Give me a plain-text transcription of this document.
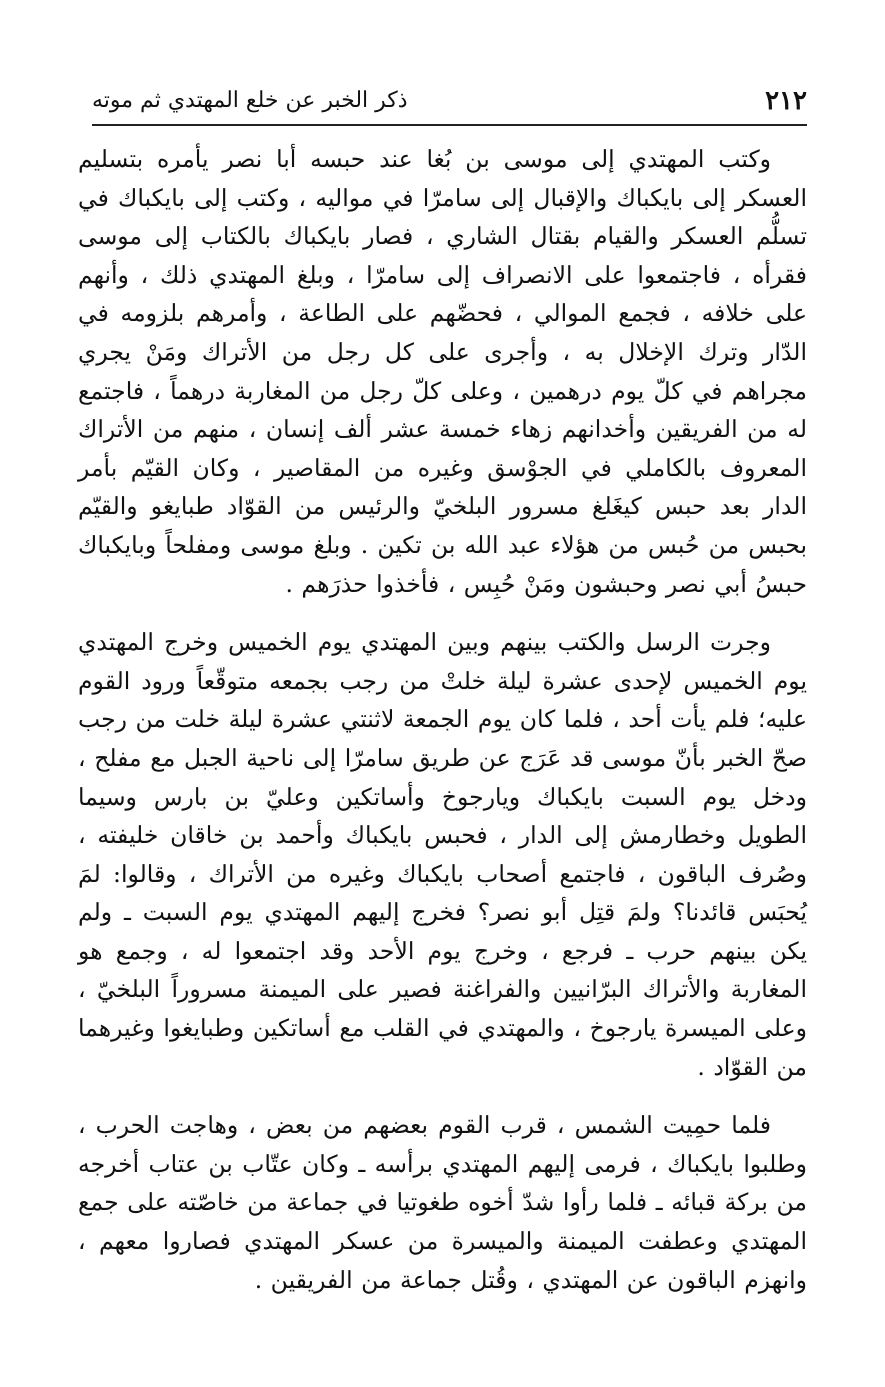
٢١٢
ذكر الخبر عن خلع المهتدي ثم موته

وكتب المهتدي إلى موسى بن بُغا عند حبسه أبا نصر يأمره بتسليم العسكر إلى بايكباك والإقبال إلى سامرّا في مواليه ، وكتب إلى بايكباك في تسلُّم العسكر والقيام بقتال الشاري ، فصار بايكباك بالكتاب إلى موسى فقرأه ، فاجتمعوا على الانصراف إلى سامرّا ، وبلغ المهتدي ذلك ، وأنهم على خلافه ، فجمع الموالي ، فحضّهم على الطاعة ، وأمرهم بلزومه في الدّار وترك الإخلال به ، وأجرى على كل رجل من الأتراك ومَنْ يجري مجراهم في كلّ يوم درهمين ، وعلى كلّ رجل من المغاربة درهماً ، فاجتمع له من الفريقين وأخدانهم زهاء خمسة عشر ألف إنسان ، منهم من الأتراك المعروف بالكاملي في الجوْسق وغيره من المقاصير ، وكان القيّم بأمر الدار بعد حبس كيغَلغ مسرور البلخيّ والرئيس من القوّاد طبايغو والقيّم بحبس من حُبس من هؤلاء عبد الله بن تكين . وبلغ موسى ومفلحاً وبايكباك حبسُ أبي نصر وحبشون ومَنْ حُبِس ، فأخذوا حذرَهم .

وجرت الرسل والكتب بينهم وبين المهتدي يوم الخميس وخرج المهتدي يوم الخميس لإحدى عشرة ليلة خلتْ من رجب بجمعه متوقّعاً ورود القوم عليه؛ فلم يأت أحد ، فلما كان يوم الجمعة لاثنتي عشرة ليلة خلت من رجب صحّ الخبر بأنّ موسى قد عَرَج عن طريق سامرّا إلى ناحية الجبل مع مفلح ، ودخل يوم السبت بايكباك ويارجوخ وأساتكين وعليّ بن بارس وسيما الطويل وخطارمش إلى الدار ، فحبس بايكباك وأحمد بن خاقان خليفته ، وصُرف الباقون ، فاجتمع أصحاب بايكباك وغيره من الأتراك ، وقالوا: لمَ يُحبَس قائدنا؟ ولمَ قتِل أبو نصر؟ فخرج إليهم المهتدي يوم السبت ـ ولم يكن بينهم حرب ـ فرجع ، وخرج يوم الأحد وقد اجتمعوا له ، وجمع هو المغاربة والأتراك البرّانيين والفراغنة فصير على الميمنة مسروراً البلخيّ ، وعلى الميسرة يارجوخ ، والمهتدي في القلب مع أساتكين وطبايغوا وغيرهما من القوّاد .

فلما حمِيت الشمس ، قرب القوم بعضهم من بعض ، وهاجت الحرب ، وطلبوا بايكباك ، فرمى إليهم المهتدي برأسه ـ وكان عتّاب بن عتاب أخرجه من بركة قبائه ـ فلما رأوا شدّ أخوه طغوتيا في جماعة من خاصّته على جمع المهتدي وعطفت الميمنة والميسرة من عسكر المهتدي فصاروا معهم ، وانهزم الباقون عن المهتدي ، وقُتل جماعة من الفريقين .
